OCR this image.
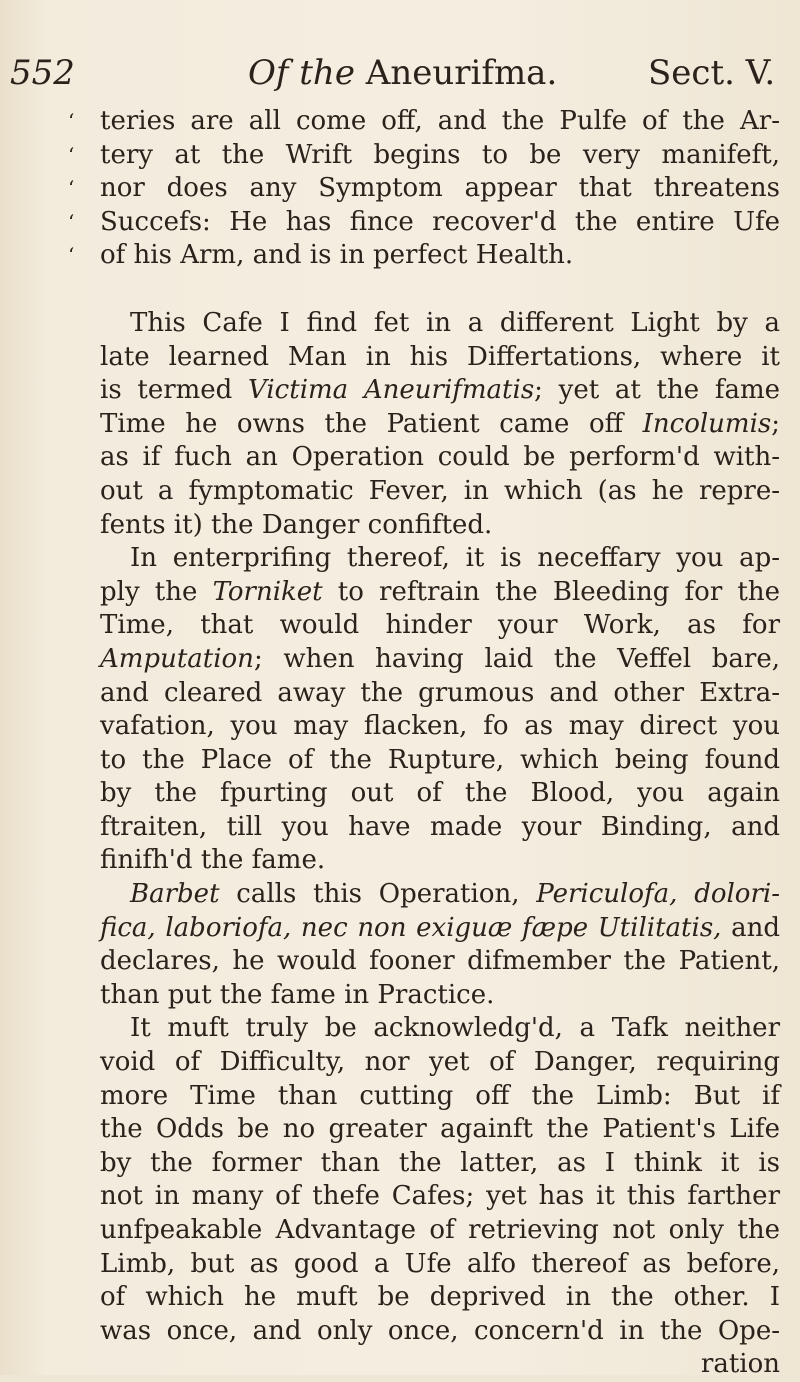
552	Of the Aneurifma.	Sect. V.
‘ teries are all come off, and the Pulfe of the Ar-
‘ tery at the Wrift begins to be very manifeft,
‘ nor does any Symptom appear that threatens
‘ Succefs: He has fince recover'd the entire Ufe
‘ of his Arm, and is in perfect Health.
This Cafe I find fet in a different Light by a
late learned Man in his Differtations, where it
is termed Victima Aneurifmatis; yet at the fame
Time he owns the Patient came off Incolumis;
as if fuch an Operation could be perform'd with-
out a fymptomatic Fever, in which (as he repre-
fents it) the Danger confifted.
In enterprifing thereof, it is neceffary you ap-
ply the Torniket to reftrain the Bleeding for the
Time, that would hinder your Work, as for
Amputation; when having laid the Veffel bare,
and cleared away the grumous and other Extra-
vafation, you may flacken, fo as may direct you
to the Place of the Rupture, which being found
by the fpurting out of the Blood, you again
ftraiten, till you have made your Binding, and
finifh'd the fame.
Barbet calls this Operation, Periculofa, dolori-
fica, laboriofa, nec non exiguæ fæpe Utilitatis, and
declares, he would fooner difmember the Patient,
than put the fame in Practice.
It muft truly be acknowledg'd, a Tafk neither
void of Difficulty, nor yet of Danger, requiring
more Time than cutting off the Limb: But if
the Odds be no greater againft the Patient's Life
by the former than the latter, as I think it is
not in many of thefe Cafes; yet has it this farther
unfpeakable Advantage of retrieving not only the
Limb, but as good a Ufe alfo thereof as before,
of which he muft be deprived in the other. I
was once, and only once, concern'd in the Ope-
ration
